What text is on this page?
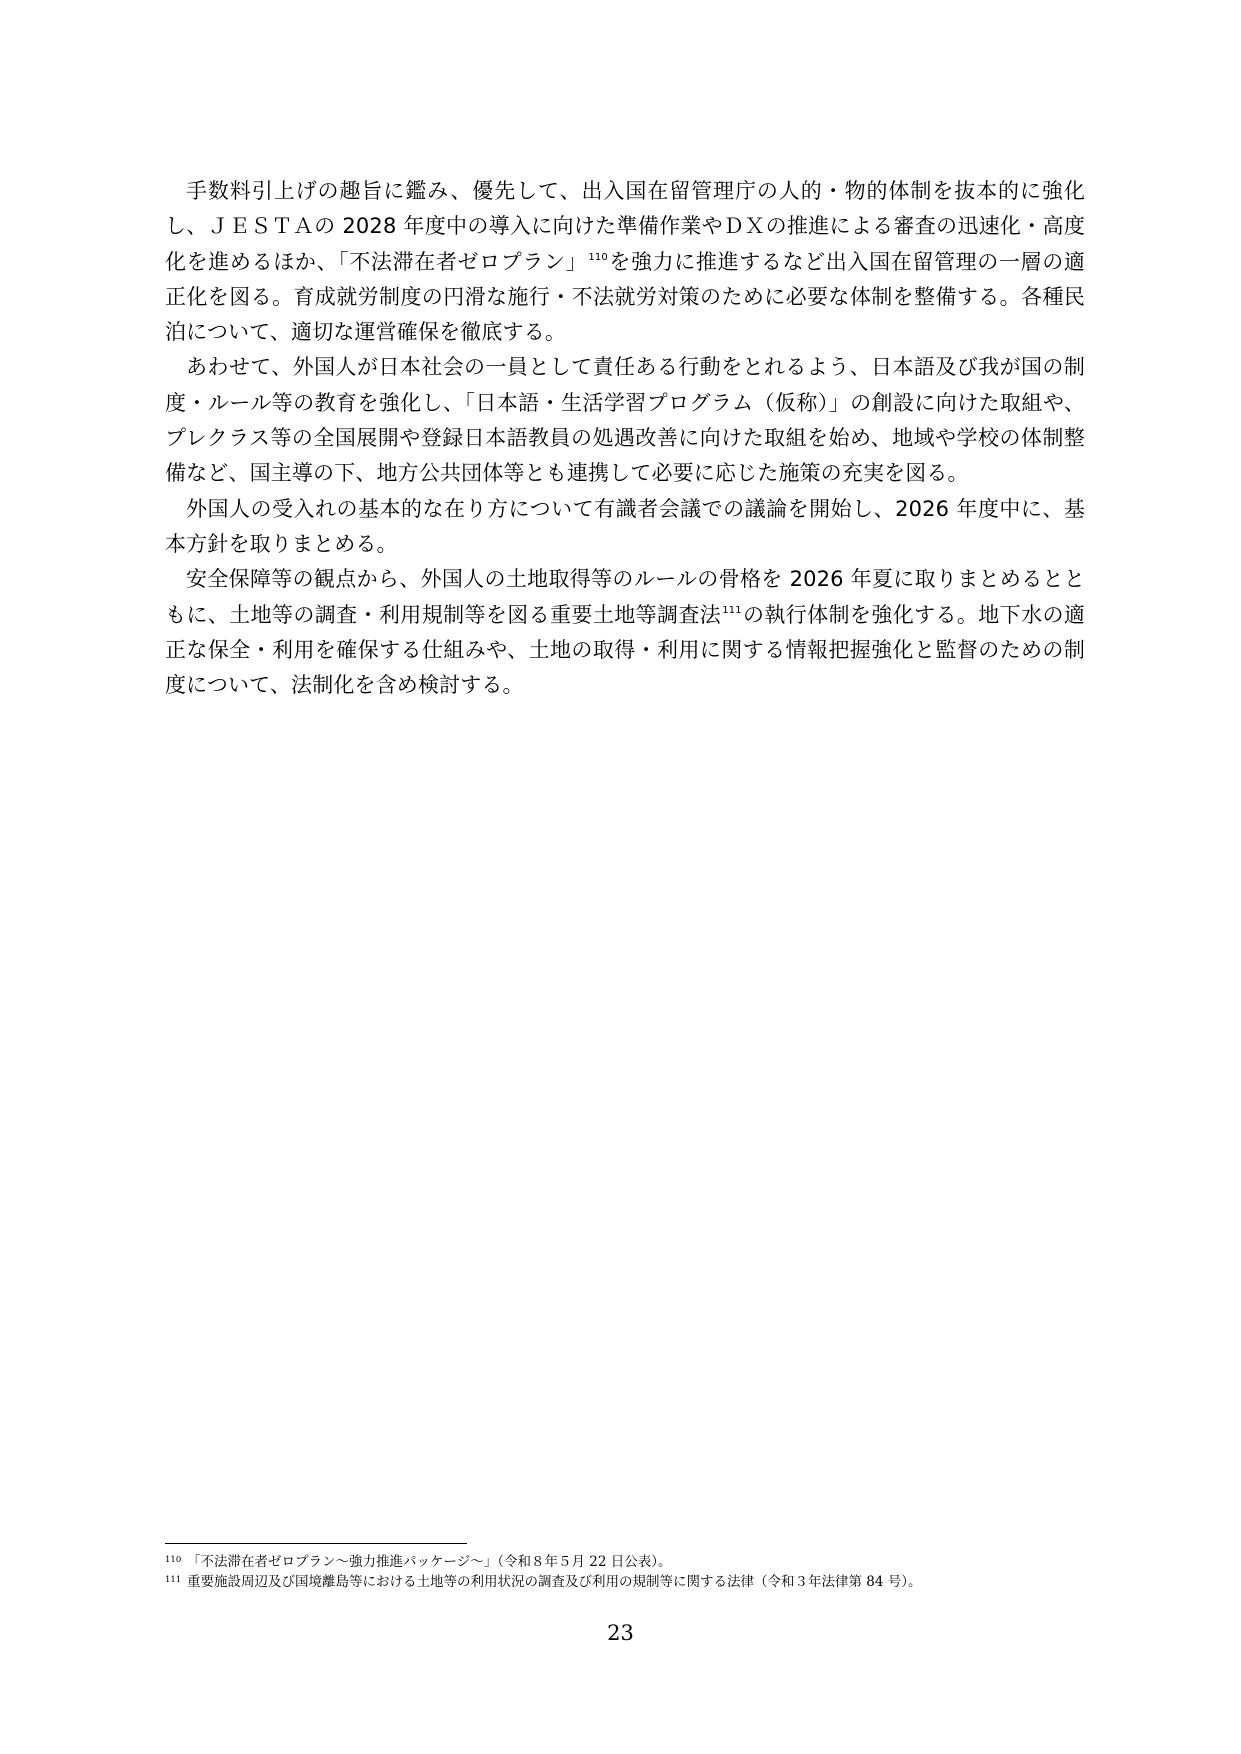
手数料引上げの趣旨に鑑み、優先して、出入国在留管理庁の人的・物的体制を抜本的に強化し、ＪＥＳＴＡの 2028 年度中の導入に向けた準備作業やＤＸの推進による審査の迅速化・高度化を進めるほか、「不法滞在者ゼロプラン」$^{110}$を強力に推進するなど出入国在留管理の一層の適正化を図る。育成就労制度の円滑な施行・不法就労対策のために必要な体制を整備する。各種民泊について、適切な運営確保を徹底する。

あわせて、外国人が日本社会の一員として責任ある行動をとれるよう、日本語及び我が国の制度・ルール等の教育を強化し、「日本語・生活学習プログラム（仮称）」の創設に向けた取組や、プレクラス等の全国展開や登録日本語教員の処遇改善に向けた取組を始め、地域や学校の体制整備など、国主導の下、地方公共団体等とも連携して必要に応じた施策の充実を図る。

外国人の受入れの基本的な在り方について有識者会議での議論を開始し、2026 年度中に、基本方針を取りまとめる。

安全保障等の観点から、外国人の土地取得等のルールの骨格を 2026 年夏に取りまとめるとともに、土地等の調査・利用規制等を図る重要土地等調査法$^{111}$の執行体制を強化する。地下水の適正な保全・利用を確保する仕組みや、土地の取得・利用に関する情報把握強化と監督のための制度について、法制化を含め検討する。

110 「不法滞在者ゼロプラン～強力推進パッケージ～」（令和８年５月 22 日公表）。

111 重要施設周辺及び国境離島等における土地等の利用状況の調査及び利用の規制等に関する法律（令和３年法律第 84 号）。

23
